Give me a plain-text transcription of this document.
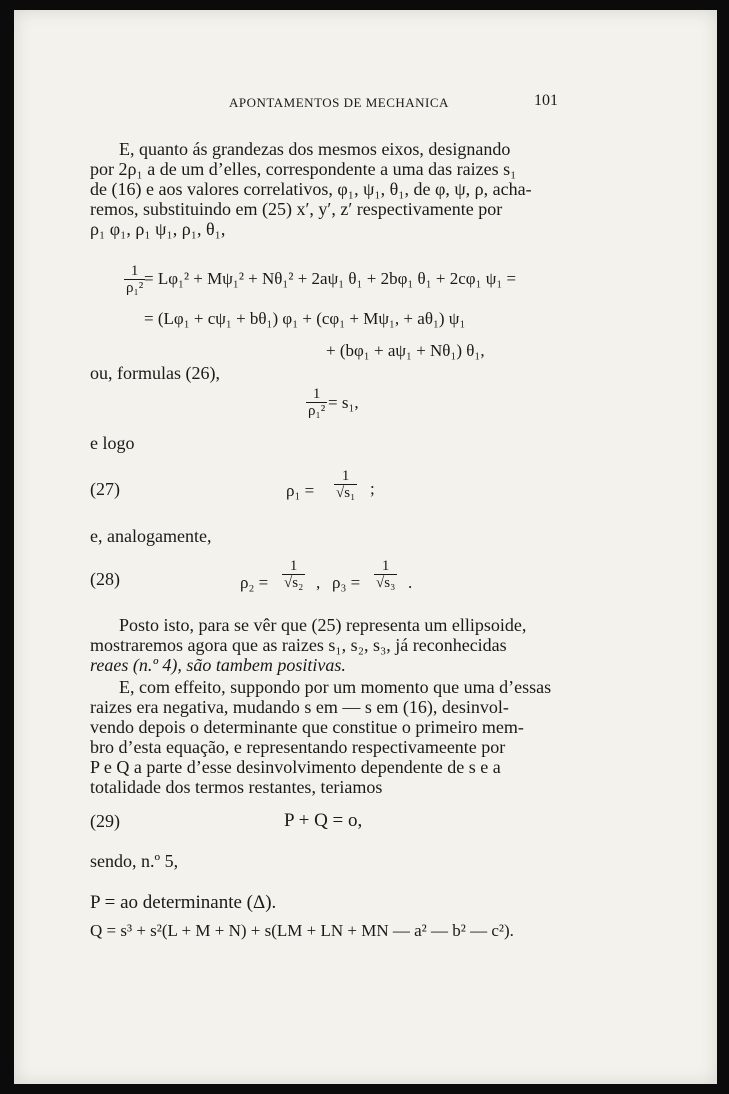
APONTAMENTOS DE MECHANICA	101
E, quanto ás grandezas dos mesmos eixos, designando
por 2ρ₁ a de um d’elles, correspondente a uma das raizes s₁
de (16) e aos valores correlativos, φ₁, ψ₁, θ₁, de φ, ψ, ρ, acha-
remos, substituindo em (25) x′, y′, z′ respectivamente por
ρ₁ φ₁, ρ₁ ψ₁, ρ₁, θ₁,
$\frac{1}{\text{ρ₁²}}$
= Lφ₁² + Mψ₁² + Nθ₁² + 2aψ₁ θ₁ + 2bφ₁ θ₁ + 2cφ₁ ψ₁ =
= (Lφ₁ + cψ₁ + bθ₁) φ₁ + (cφ₁ + Mψ₁, + aθ₁) ψ₁
+ (bφ₁ + aψ₁ + Nθ₁) θ₁,
ou, formulas (26),
$\frac{1}{\text{ρ₁²}} = s_1$,
e logo
(27)	$\rho_1 = \frac{1}{\text{√s₁}}$ ;
e, analogamente,
(28)	$\rho_2 = \frac{1}{\text{√s₂}}$ , $\rho_3 = \frac{1}{\text{√s₃}}$ .
Posto isto, para se vêr que (25) representa um ellipsoide,
mostraremos agora que as raizes s₁, s₂, s₃, já reconhecidas
reaes (n.º 4), são tambem positivas.
E, com effeito, suppondo por um momento que uma d’essas
raizes era negativa, mudando s em — s em (16), desinvol-
vendo depois o determinante que constitue o primeiro mem-
bro d’esta equação, e representando respectivameente por
P e Q a parte d’esse desinvolvimento dependente de s e a
totalidade dos termos restantes, teriamos
(29)	P + Q = o,
sendo, n.º 5,
P = ao determinante (Δ).
Q = s³ + s²(L + M + N) + s(LM + LN + MN — a² — b² — c²).
